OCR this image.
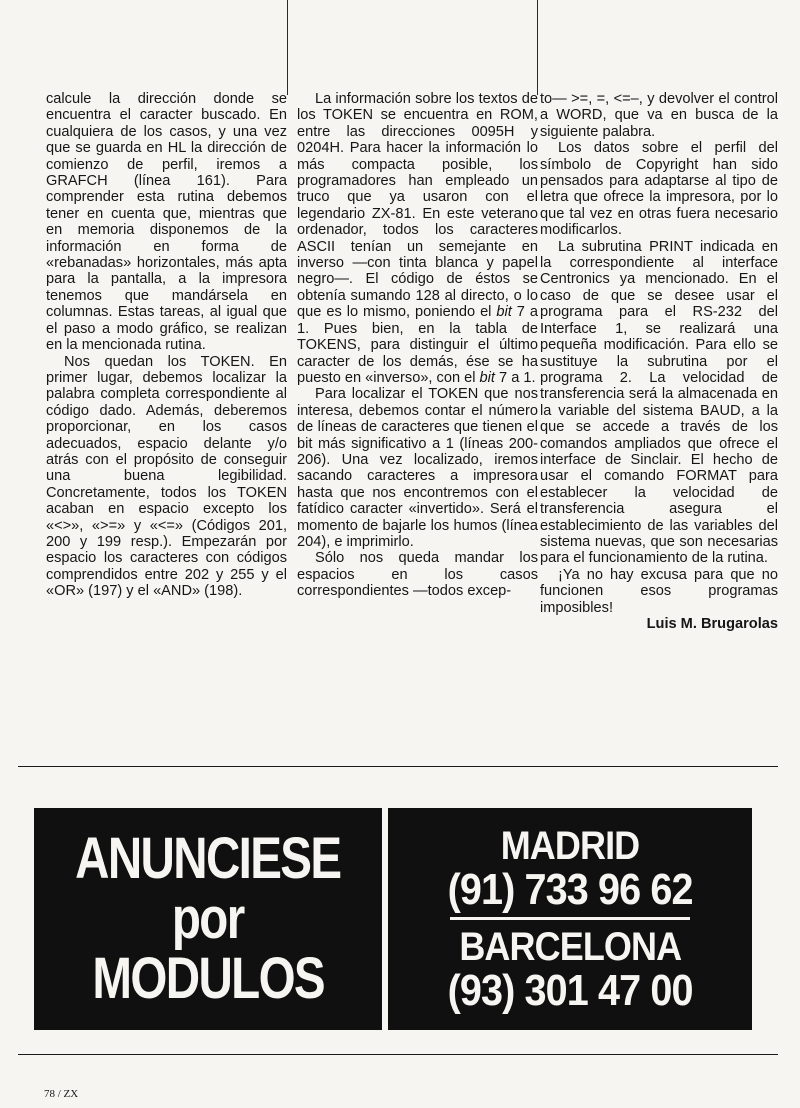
calcule la dirección donde se encuentra el caracter buscado. En cualquiera de los casos, y una vez que se guarda en HL la dirección de comienzo de perfil, iremos a GRAFCH (línea 161). Para comprender esta rutina debemos tener en cuenta que, mientras que en memoria disponemos de la información en forma de «rebanadas» horizontales, más apta para la pantalla, a la impresora tenemos que mandársela en columnas. Estas tareas, al igual que el paso a modo gráfico, se realizan en la mencionada rutina.

Nos quedan los TOKEN. En primer lugar, debemos localizar la palabra completa correspondiente al código dado. Además, deberemos proporcionar, en los casos adecuados, espacio delante y/o atrás con el propósito de conseguir una buena legibilidad. Concretamente, todos los TOKEN acaban en espacio excepto los «<>», «>=» y «<=» (Códigos 201, 200 y 199 resp.). Empezarán por espacio los caracteres con códigos comprendidos entre 202 y 255 y el «OR» (197) y el «AND» (198).

La información sobre los textos de los TOKEN se encuentra en ROM, entre las direcciones 0095H y 0204H. Para hacer la información lo más compacta posible, los programadores han empleado un truco que ya usaron con el legendario ZX-81. En este veterano ordenador, todos los caracteres ASCII tenían un semejante en inverso —con tinta blanca y papel negro—. El código de éstos se obtenía sumando 128 al directo, o lo que es lo mismo, poniendo el bit 7 a 1. Pues bien, en la tabla de TOKENS, para distinguir el último caracter de los demás, ése se ha puesto en «inverso», con el bit 7 a 1.

Para localizar el TOKEN que nos interesa, debemos contar el número de líneas de caracteres que tienen el bit más significativo a 1 (líneas 200-206). Una vez localizado, iremos sacando caracteres a impresora hasta que nos encontremos con el fatídico caracter «invertido». Será el momento de bajarle los humos (línea 204), e imprimirlo.

Sólo nos queda mandar los espacios en los casos correspondientes —todos excep-

to— >=, =, <=–, y devolver el control a WORD, que va en busca de la siguiente palabra.

Los datos sobre el perfil del símbolo de Copyright han sido pensados para adaptarse al tipo de letra que ofrece la impresora, por lo que tal vez en otras fuera necesario modificarlos.

La subrutina PRINT indicada en la correspondiente al interface Centronics ya mencionado. En el caso de que se desee usar el programa para el RS-232 del Interface 1, se realizará una pequeña modificación. Para ello se sustituye la subrutina por el programa 2. La velocidad de transferencia será la almacenada en la variable del sistema BAUD, a la que se accede a través de los comandos ampliados que ofrece el interface de Sinclair. El hecho de usar el comando FORMAT para establecer la velocidad de transferencia asegura el establecimiento de las variables del sistema nuevas, que son necesarias para el funcionamiento de la rutina.

¡Ya no hay excusa para que no funcionen esos programas imposibles!

Luis M. Brugarolas

ANUNCIESE
por
MODULOS
MADRID
(91) 733 96 62
BARCELONA
(93) 301 47 00
78 / ZX
